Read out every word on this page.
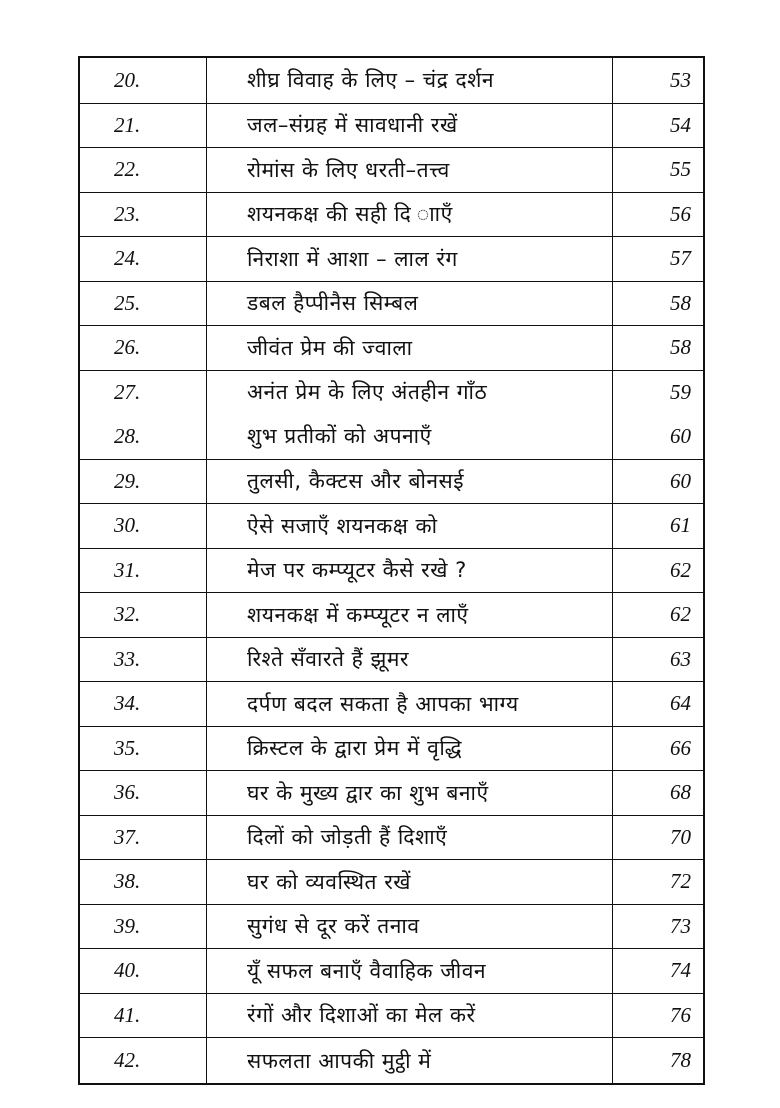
20.	शीघ्र विवाह के लिए – चंद्र दर्शन	53
21.	जल–संग्रह में सावधानी रखें	54
22.	रोमांस के लिए धरती–तत्त्व	55
23.	शयनकक्ष की सही दि ााएँ	56
24.	निराशा में आशा – लाल रंग	57
25.	डबल हैप्पीनैस सिम्बल	58
26.	जीवंत प्रेम की ज्वाला	58
27.	अनंत प्रेम के लिए अंतहीन गाँठ	59
28.	शुभ प्रतीकों को अपनाएँ	60
29.	तुलसी, कैक्टस और बोनसई	60
30.	ऐसे सजाएँ शयनकक्ष को	61
31.	मेज पर कम्प्यूटर कैसे रखे ?	62
32.	शयनकक्ष में कम्प्यूटर न लाएँ	62
33.	रिश्ते सँवारते हैं झूमर	63
34.	दर्पण बदल सकता है आपका भाग्य	64
35.	क्रिस्टल के द्वारा प्रेम में वृद्धि	66
36.	घर के मुख्य द्वार का शुभ बनाएँ	68
37.	दिलों को जोड़ती हैं दिशाएँ	70
38.	घर को व्यवस्थित रखें	72
39.	सुगंध से दूर करें तनाव	73
40.	यूँ सफल बनाएँ वैवाहिक जीवन	74
41.	रंगों और दिशाओं का मेल करें	76
42.	सफलता आपकी मुट्ठी में	78
